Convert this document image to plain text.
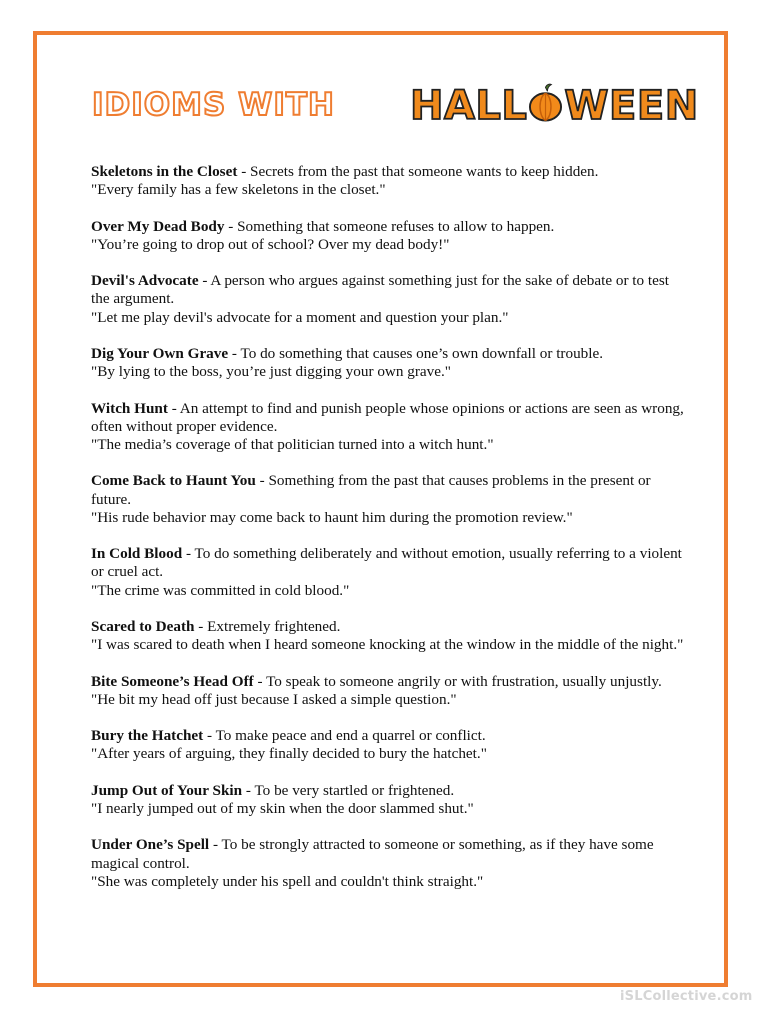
IDIOMS WITH HALL WEEN
Skeletons in the Closet - Secrets from the past that someone wants to keep hidden.
"Every family has a few skeletons in the closet."
Over My Dead Body - Something that someone refuses to allow to happen.
"You’re going to drop out of school? Over my dead body!"
Devil's Advocate - A person who argues against something just for the sake of debate or to test the argument.
"Let me play devil's advocate for a moment and question your plan."
Dig Your Own Grave - To do something that causes one’s own downfall or trouble.
"By lying to the boss, you’re just digging your own grave."
Witch Hunt - An attempt to find and punish people whose opinions or actions are seen as wrong, often without proper evidence.
"The media’s coverage of that politician turned into a witch hunt."
Come Back to Haunt You - Something from the past that causes problems in the present or future.
"His rude behavior may come back to haunt him during the promotion review."
In Cold Blood - To do something deliberately and without emotion, usually referring to a violent or cruel act.
"The crime was committed in cold blood."
Scared to Death - Extremely frightened.
"I was scared to death when I heard someone knocking at the window in the middle of the night."
Bite Someone’s Head Off - To speak to someone angrily or with frustration, usually unjustly.
"He bit my head off just because I asked a simple question."
Bury the Hatchet - To make peace and end a quarrel or conflict.
"After years of arguing, they finally decided to bury the hatchet."
Jump Out of Your Skin - To be very startled or frightened.
"I nearly jumped out of my skin when the door slammed shut."
Under One’s Spell - To be strongly attracted to someone or something, as if they have some magical control.
"She was completely under his spell and couldn't think straight."
iSLCollective.com
